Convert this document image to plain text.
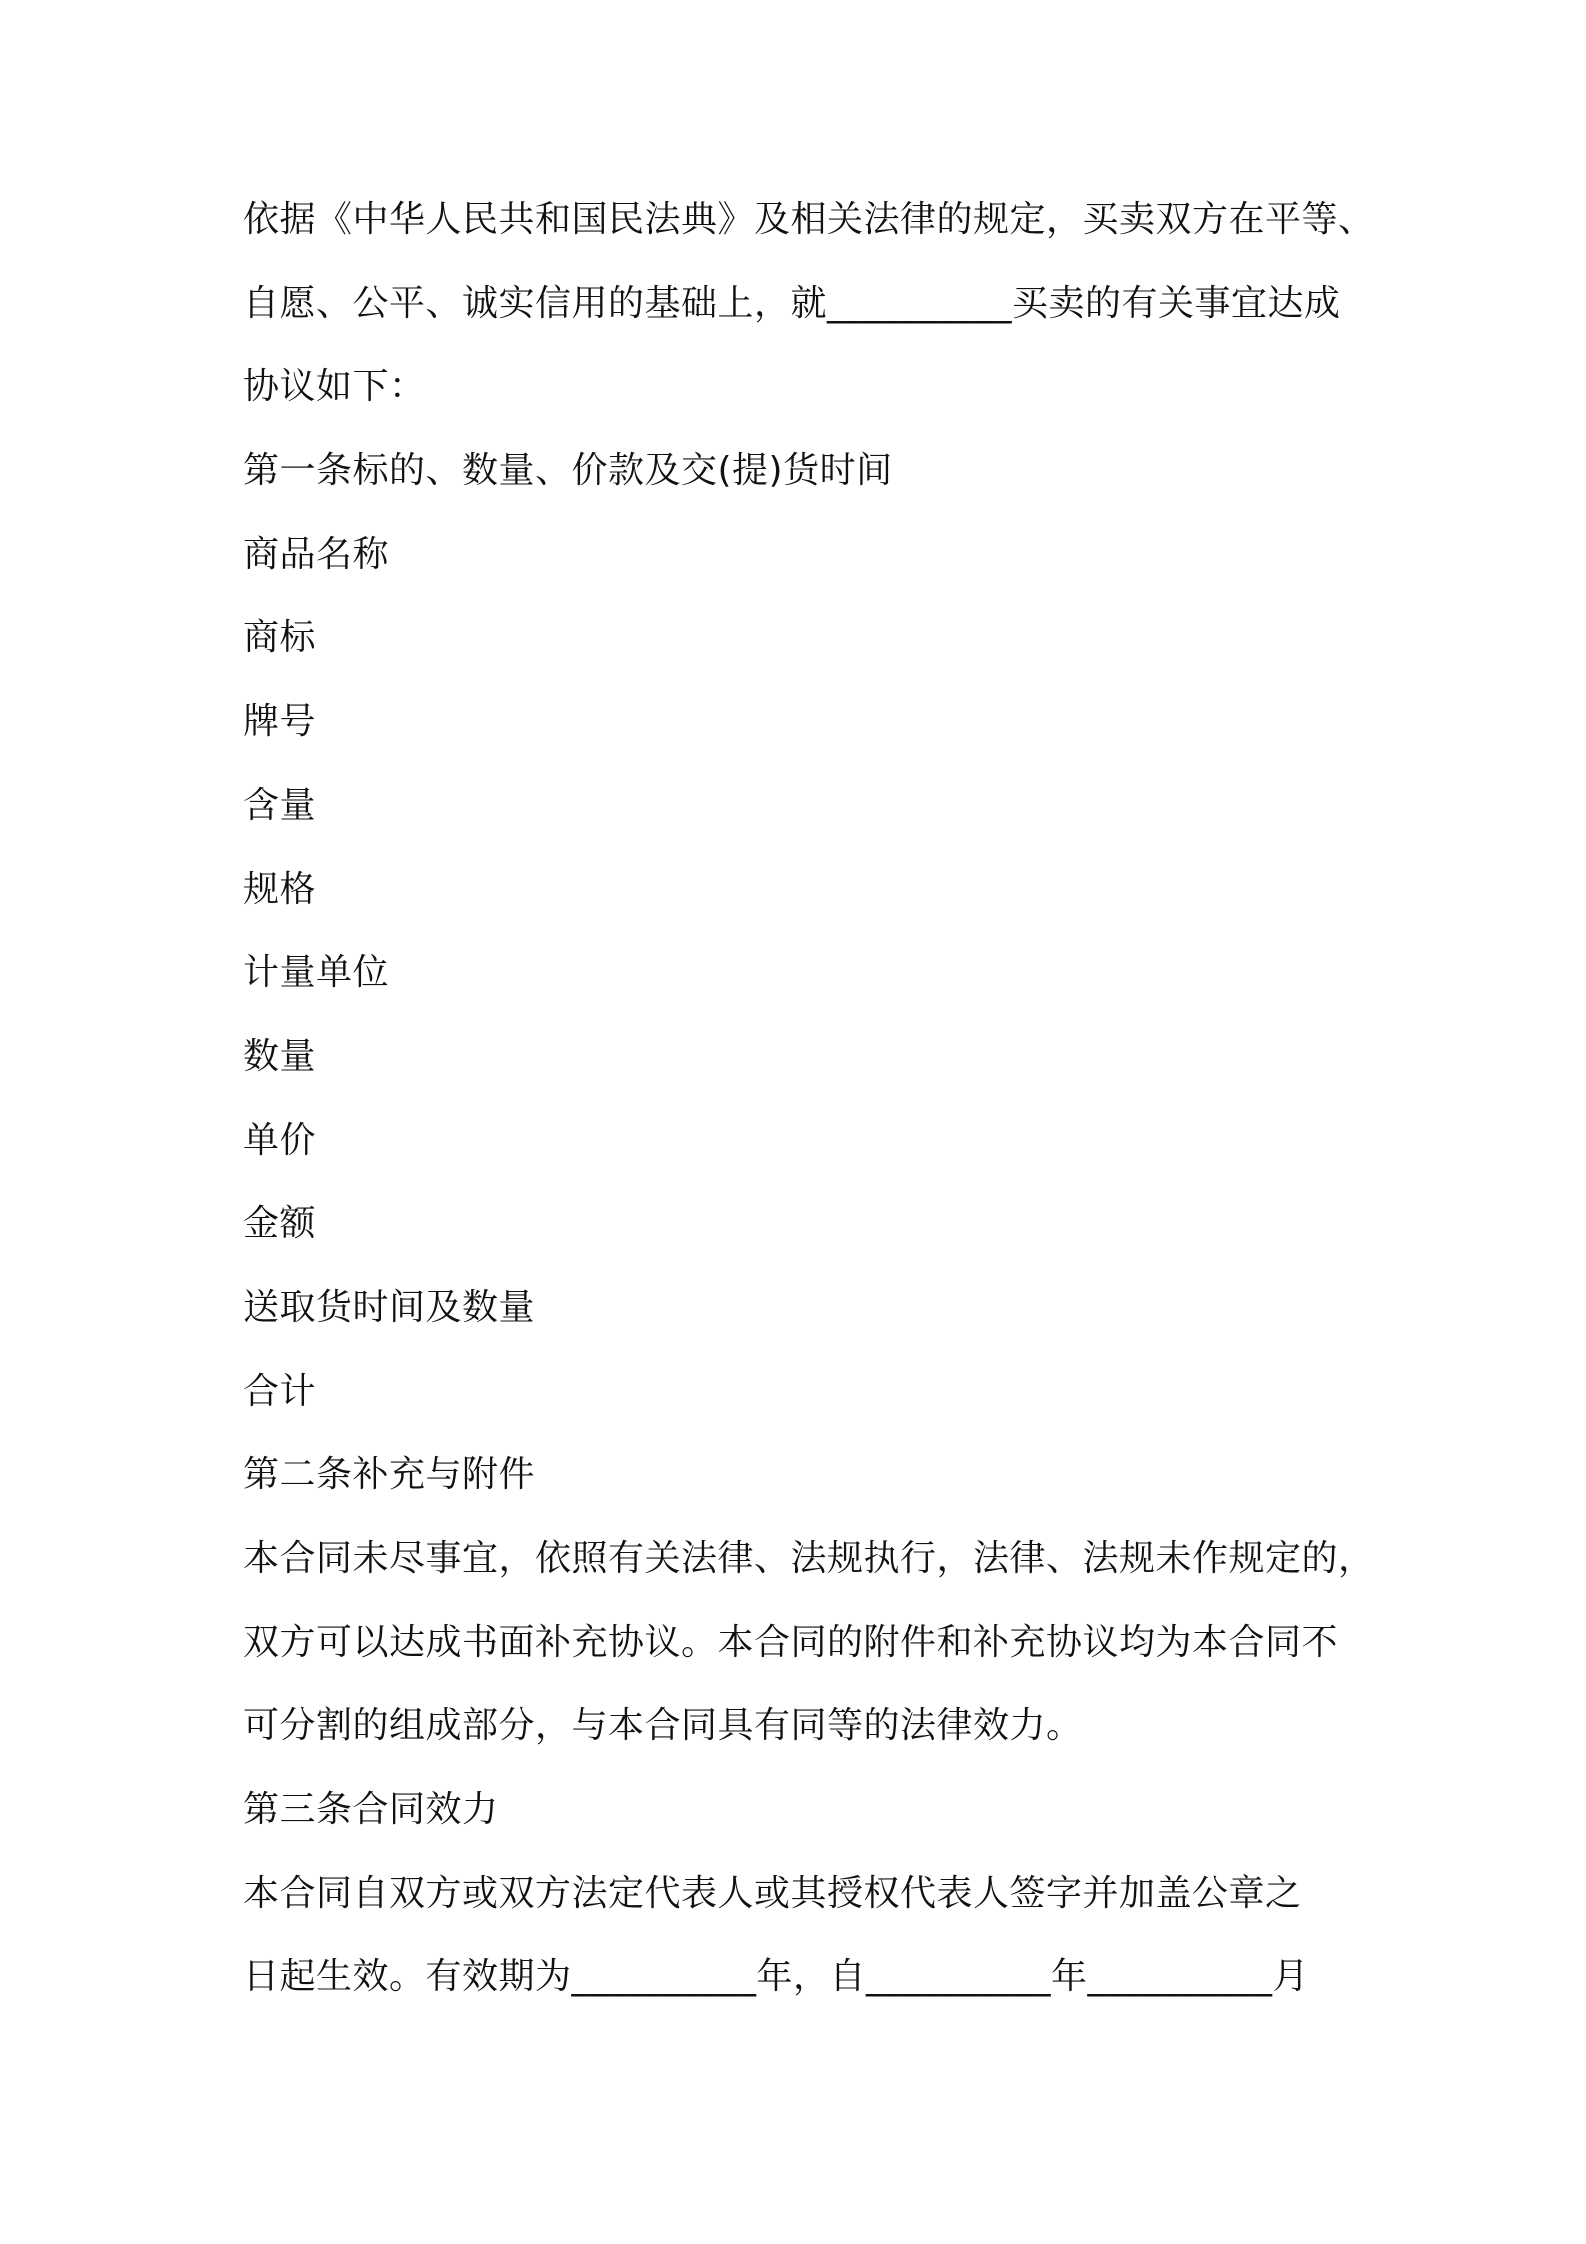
依据《中华人民共和国民法典》及相关法律的规定，买卖双方在平等、
自愿、公平、诚实信用的基础上，就__________买卖的有关事宜达成
协议如下：
第一条标的、数量、价款及交(提)货时间
商品名称
商标
牌号
含量
规格
计量单位
数量
单价
金额
送取货时间及数量
合计
第二条补充与附件
本合同未尽事宜，依照有关法律、法规执行，法律、法规未作规定的，
双方可以达成书面补充协议。本合同的附件和补充协议均为本合同不
可分割的组成部分，与本合同具有同等的法律效力。
第三条合同效力
本合同自双方或双方法定代表人或其授权代表人签字并加盖公章之
日起生效。有效期为__________年，自__________年__________月
